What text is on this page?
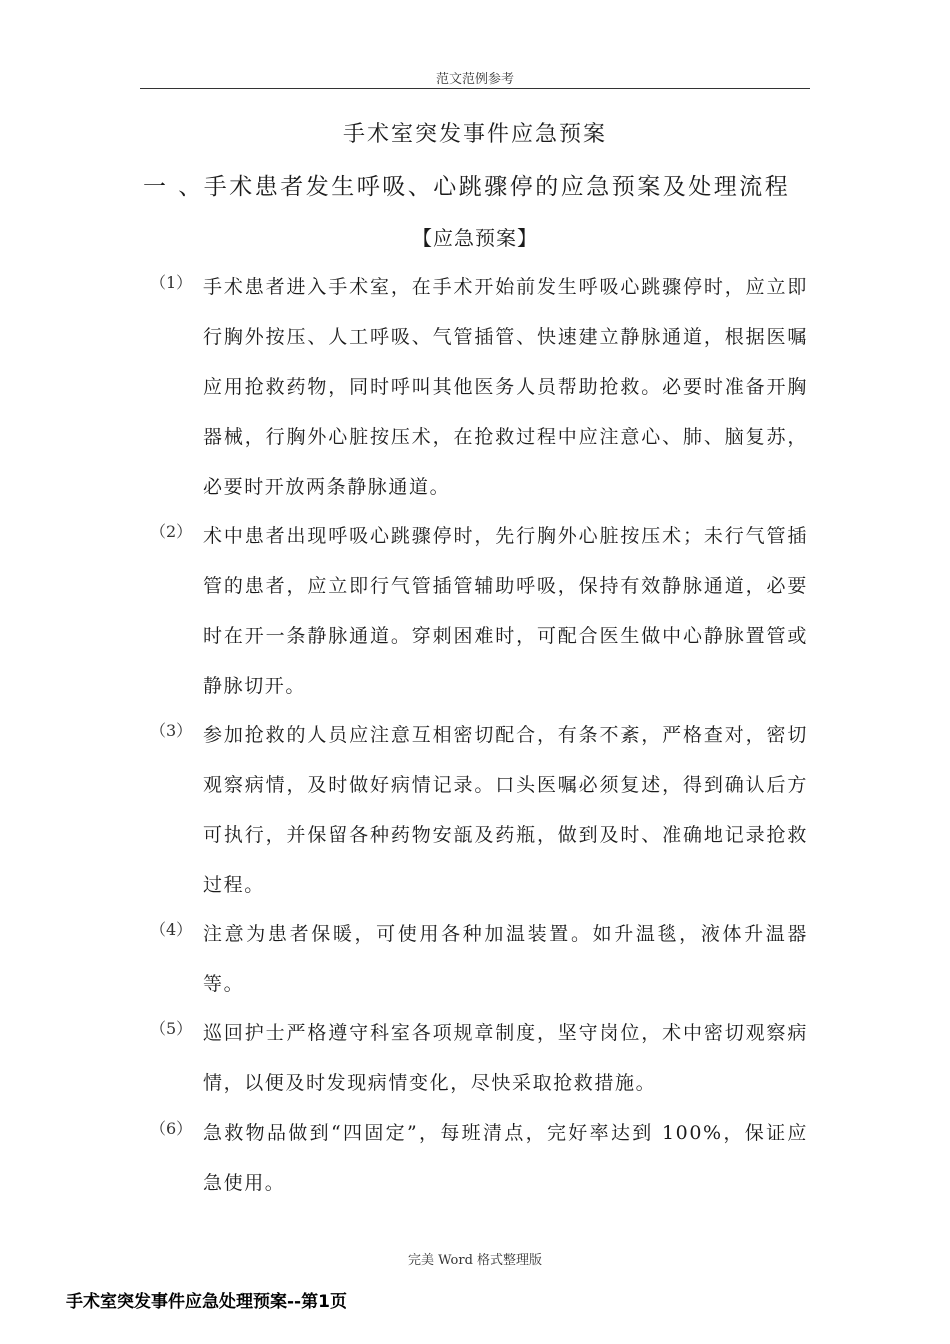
范文范例参考
手术室突发事件应急预案
一 、手术患者发生呼吸、心跳骤停的应急预案及处理流程
【应急预案】
（1） 手术患者进入手术室，在手术开始前发生呼吸心跳骤停时，应立即行胸外按压、人工呼吸、气管插管、快速建立静脉通道，根据医嘱应用抢救药物，同时呼叫其他医务人员帮助抢救。必要时准备开胸器械，行胸外心脏按压术，在抢救过程中应注意心、肺、脑复苏，必要时开放两条静脉通道。
（2） 术中患者出现呼吸心跳骤停时，先行胸外心脏按压术；未行气管插管的患者，应立即行气管插管辅助呼吸，保持有效静脉通道，必要时在开一条静脉通道。穿刺困难时，可配合医生做中心静脉置管或静脉切开。
（3） 参加抢救的人员应注意互相密切配合，有条不紊，严格查对，密切观察病情，及时做好病情记录。口头医嘱必须复述，得到确认后方可执行，并保留各种药物安瓿及药瓶，做到及时、准确地记录抢救过程。
（4） 注意为患者保暖，可使用各种加温装置。如升温毯，液体升温器等。
（5） 巡回护士严格遵守科室各项规章制度，坚守岗位，术中密切观察病情，以便及时发现病情变化，尽快采取抢救措施。
（6） 急救物品做到“四固定”，每班清点，完好率达到 100%，保证应急使用。
完美 Word 格式整理版
手术室突发事件应急处理预案--第1页
